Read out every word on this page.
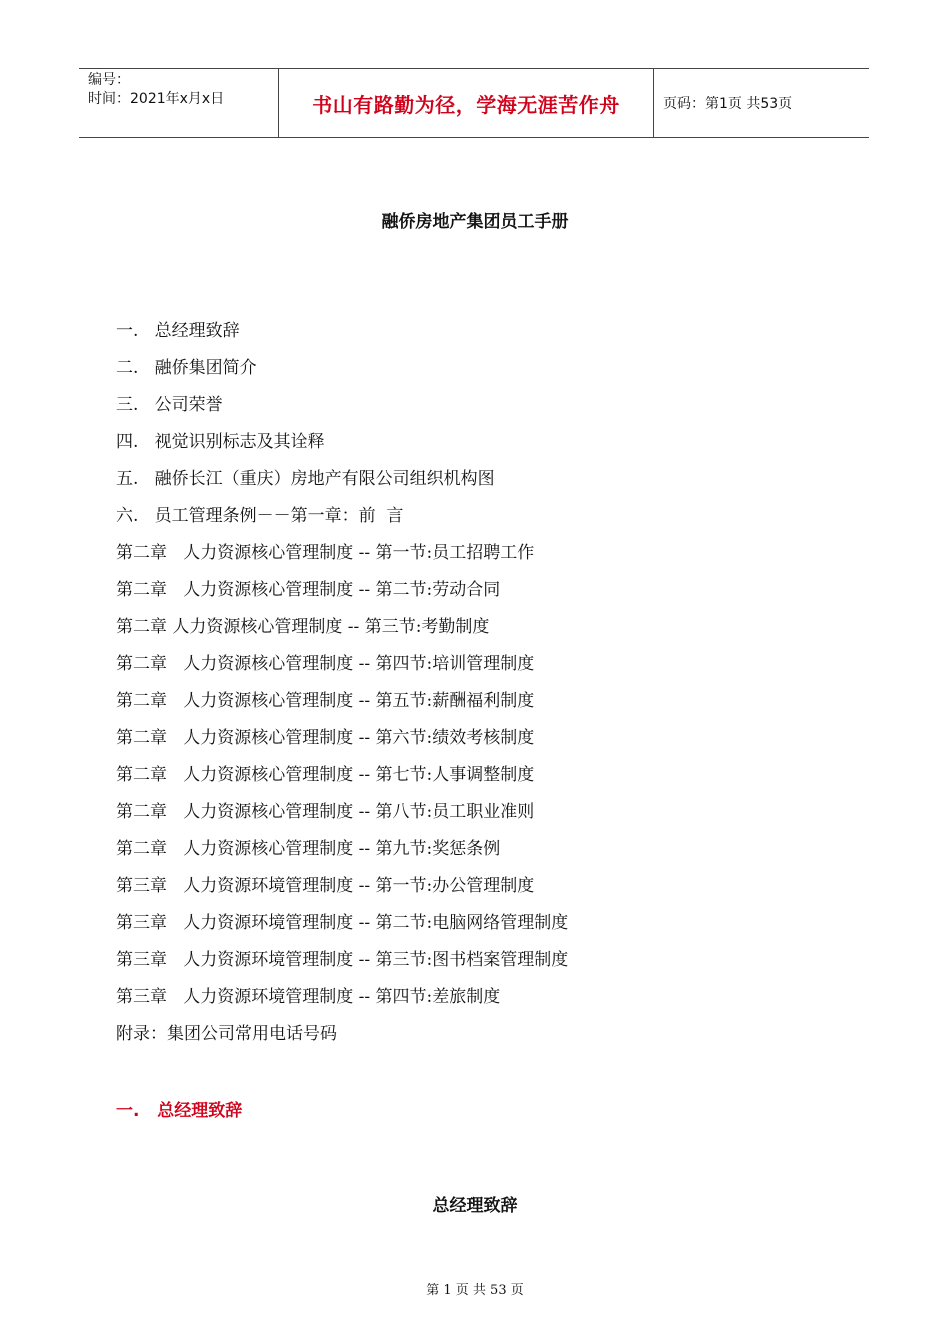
编号：
时间：2021年x月x日	书山有路勤为径，学海无涯苦作舟	页码：第1页 共53页
融侨房地产集团员工手册
一.   总经理致辞
二.   融侨集团简介
三.   公司荣誉
四.   视觉识别标志及其诠释
五.   融侨长江（重庆）房地产有限公司组织机构图
六.   员工管理条例－－第一章：前  言
第二章   人力资源核心管理制度 -- 第一节:员工招聘工作
第二章   人力资源核心管理制度 -- 第二节:劳动合同
第二章 人力资源核心管理制度 -- 第三节:考勤制度
第二章   人力资源核心管理制度 -- 第四节:培训管理制度
第二章   人力资源核心管理制度 -- 第五节:薪酬福利制度
第二章   人力资源核心管理制度 -- 第六节:绩效考核制度
第二章   人力资源核心管理制度 -- 第七节:人事调整制度
第二章   人力资源核心管理制度 -- 第八节:员工职业准则
第二章   人力资源核心管理制度 -- 第九节:奖惩条例
第三章   人力资源环境管理制度 -- 第一节:办公管理制度
第三章   人力资源环境管理制度 -- 第二节:电脑网络管理制度
第三章   人力资源环境管理制度 -- 第三节:图书档案管理制度
第三章   人力资源环境管理制度 -- 第四节:差旅制度
附录：集团公司常用电话号码
一.   总经理致辞
总经理致辞
第 1 页 共 53 页
